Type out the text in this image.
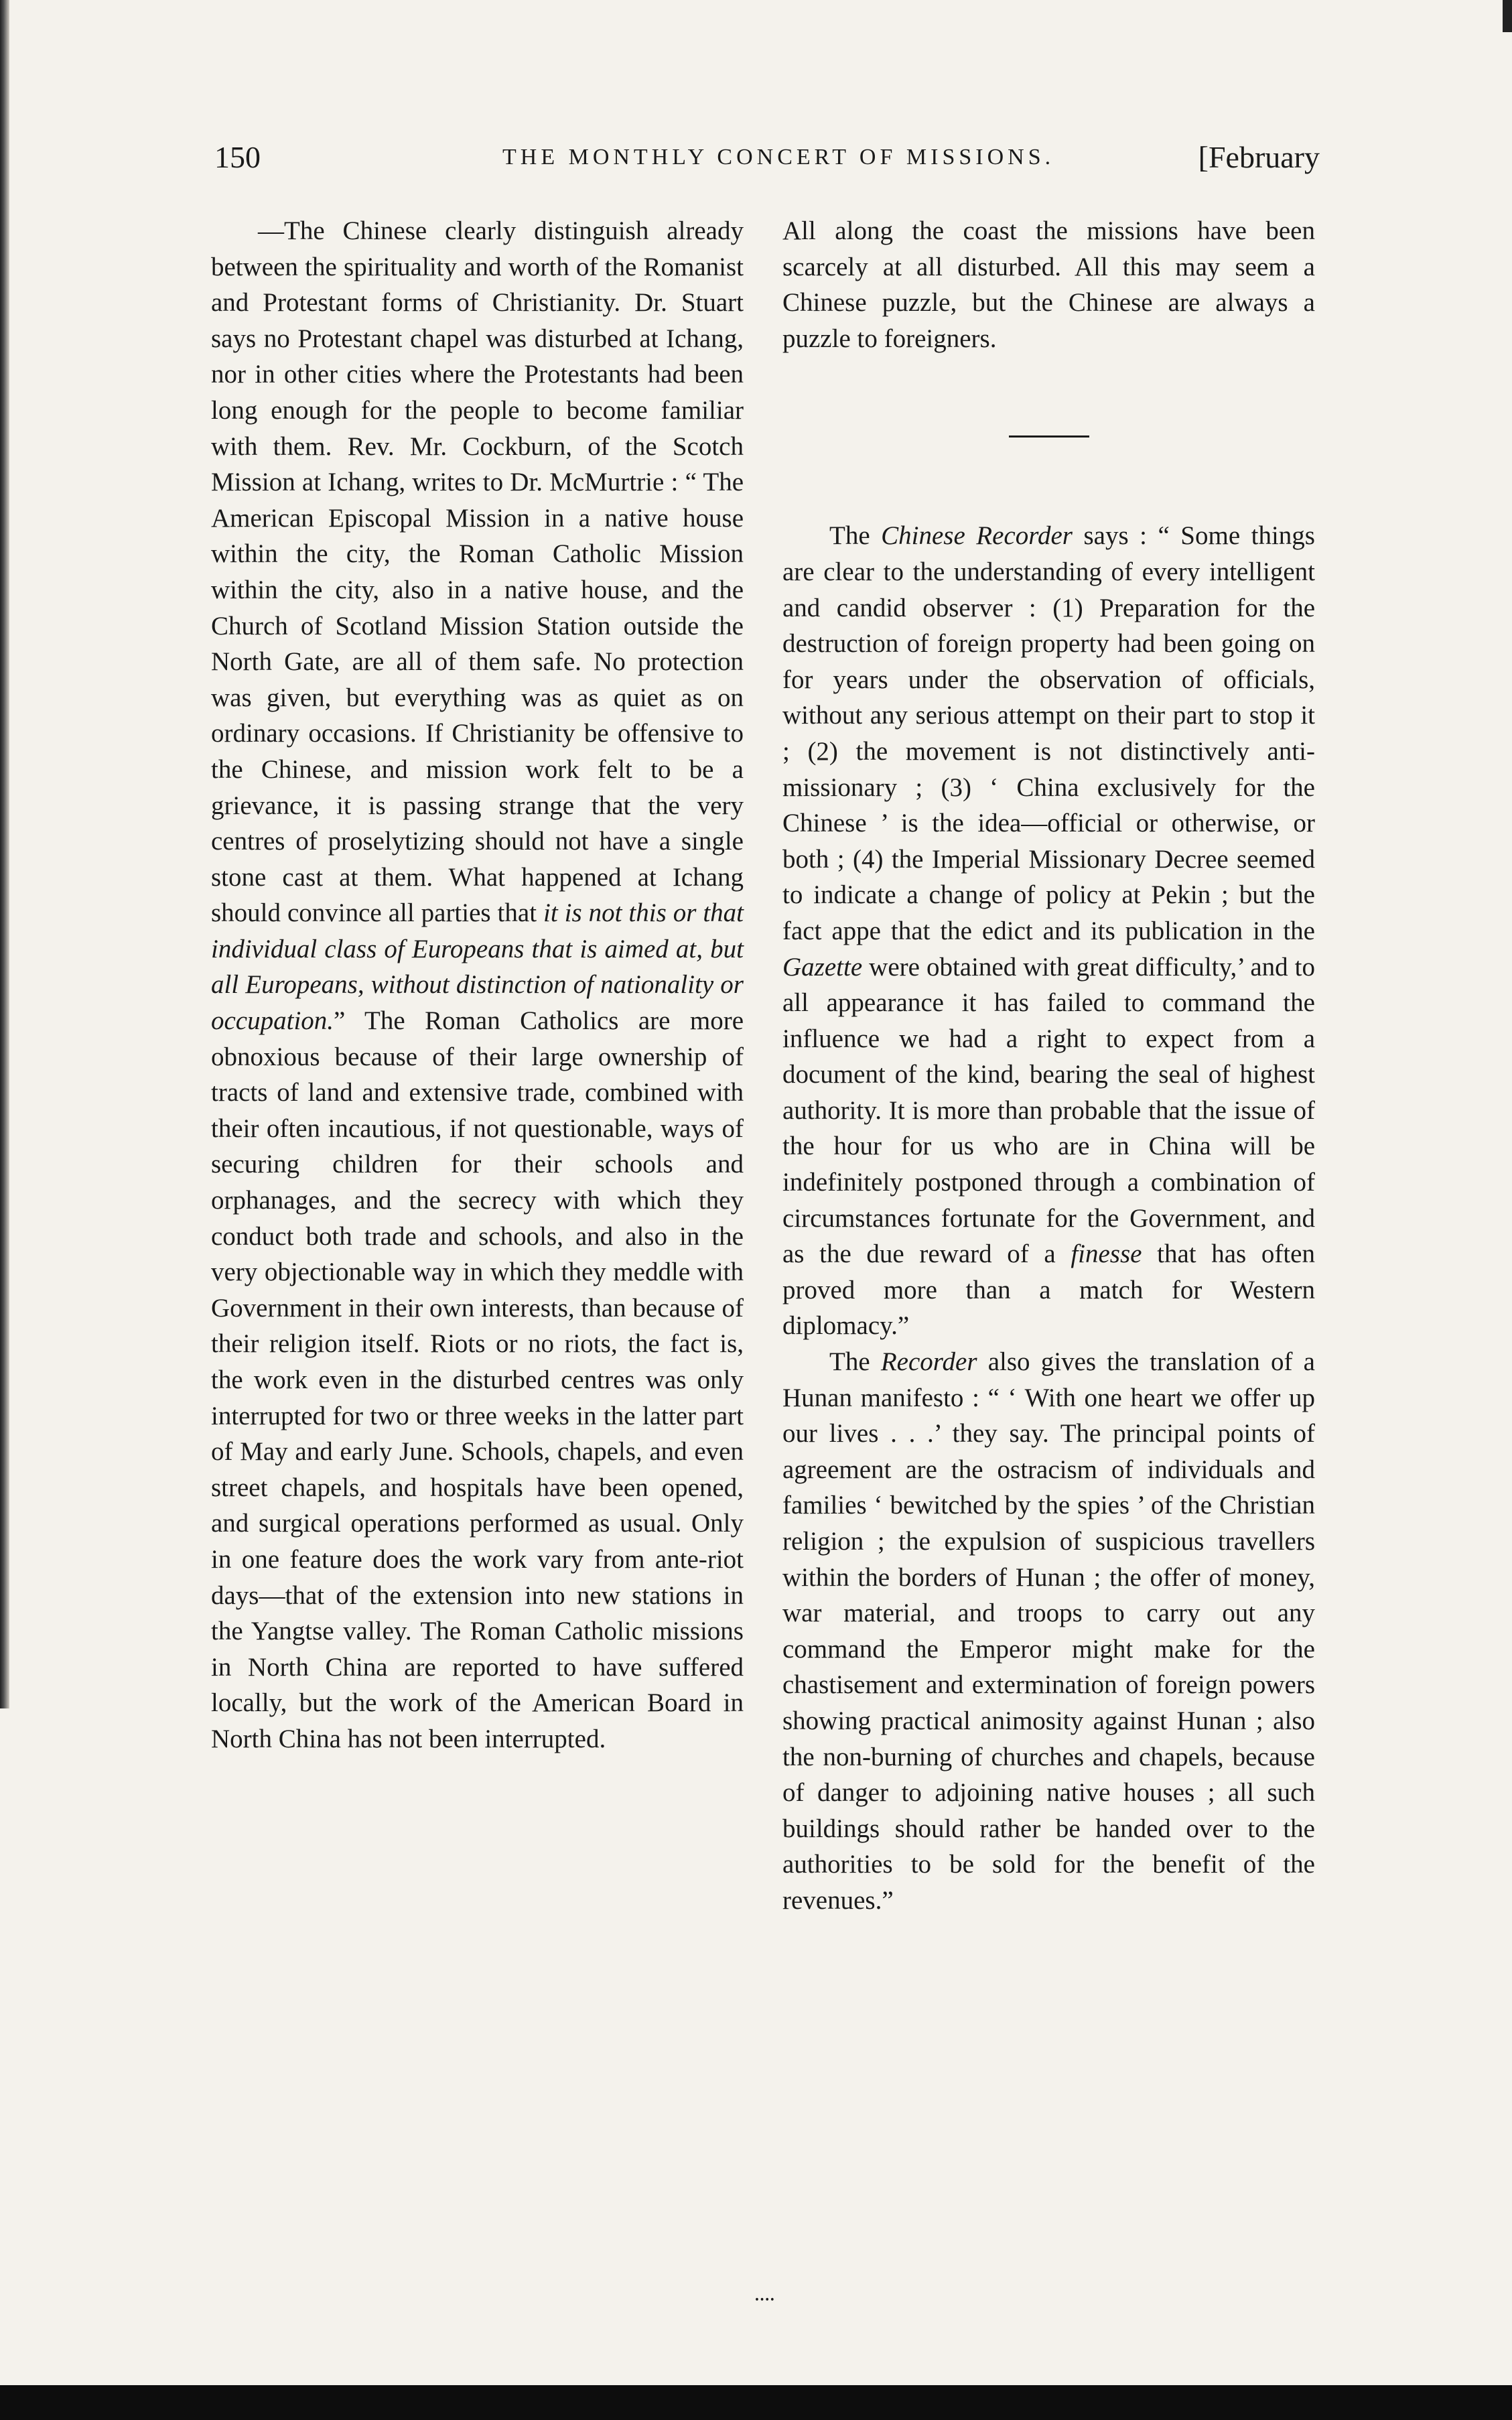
150	THE MONTHLY CONCERT OF MISSIONS.	[February

—The Chinese clearly distinguish already between the spirituality and worth of the Romanist and Protestant forms of Christianity. Dr. Stuart says no Protestant chapel was disturbed at Ichang, nor in other cities where the Protestants had been long enough for the people to become familiar with them. Rev. Mr. Cockburn, of the Scotch Mission at Ichang, writes to Dr. McMurtrie : “ The American Episcopal Mission in a native house within the city, the Roman Catholic Mission within the city, also in a native house, and the Church of Scotland Mission Station outside the North Gate, are all of them safe. No protection was given, but everything was as quiet as on ordinary occasions. If Christianity be offensive to the Chinese, and mission work felt to be a grievance, it is passing strange that the very centres of proselytizing should not have a single stone cast at them. What happened at Ichang should convince all parties that it is not this or that individual class of Europeans that is aimed at, but all Europeans, without distinction of nationality or occupation.” The Roman Catholics are more obnoxious because of their large ownership of tracts of land and extensive trade, combined with their often incautious, if not questionable, ways of securing children for their schools and orphanages, and the secrecy with which they conduct both trade and schools, and also in the very objectionable way in which they meddle with Government in their own interests, than because of their religion itself. Riots or no riots, the fact is, the work even in the disturbed centres was only interrupted for two or three weeks in the latter part of May and early June. Schools, chapels, and even street chapels, and hospitals have been opened, and surgical operations performed as usual. Only in one feature does the work vary from ante-riot days—that of the extension into new stations in the Yangtse valley. The Roman Catholic missions in North China are reported to have suffered locally, but the work of the American Board in North China has not been interrupted.

All along the coast the missions have been scarcely at all disturbed. All this may seem a Chinese puzzle, but the Chinese are always a puzzle to foreigners.

The Chinese Recorder says : “ Some things are clear to the understanding of every intelligent and candid observer : (1) Preparation for the destruction of foreign property had been going on for years under the observation of officials, without any serious attempt on their part to stop it ; (2) the movement is not distinctively anti-missionary ; (3) ‘ China exclusively for the Chinese ’ is the idea—official or otherwise, or both ; (4) the Imperial Missionary Decree seemed to indicate a change of policy at Pekin ; but the fact appe that the edict and its publication in the Gazette were obtained with great difficulty,’ and to all appearance it has failed to command the influence we had a right to expect from a document of the kind, bearing the seal of highest authority. It is more than probable that the issue of the hour for us who are in China will be indefinitely postponed through a combination of circumstances fortunate for the Government, and as the due reward of a finesse that has often proved more than a match for Western diplomacy.”

The Recorder also gives the translation of a Hunan manifesto : “ ‘ With one heart we offer up our lives . . .’ they say. The principal points of agreement are the ostracism of individuals and families ‘ bewitched by the spies ’ of the Christian religion ; the expulsion of suspicious travellers within the borders of Hunan ; the offer of money, war material, and troops to carry out any command the Emperor might make for the chastisement and extermination of foreign powers showing practical animosity against Hunan ; also the non-burning of churches and chapels, because of danger to adjoining native houses ; all such buildings should rather be handed over to the authorities to be sold for the benefit of the revenues.”

᠁
